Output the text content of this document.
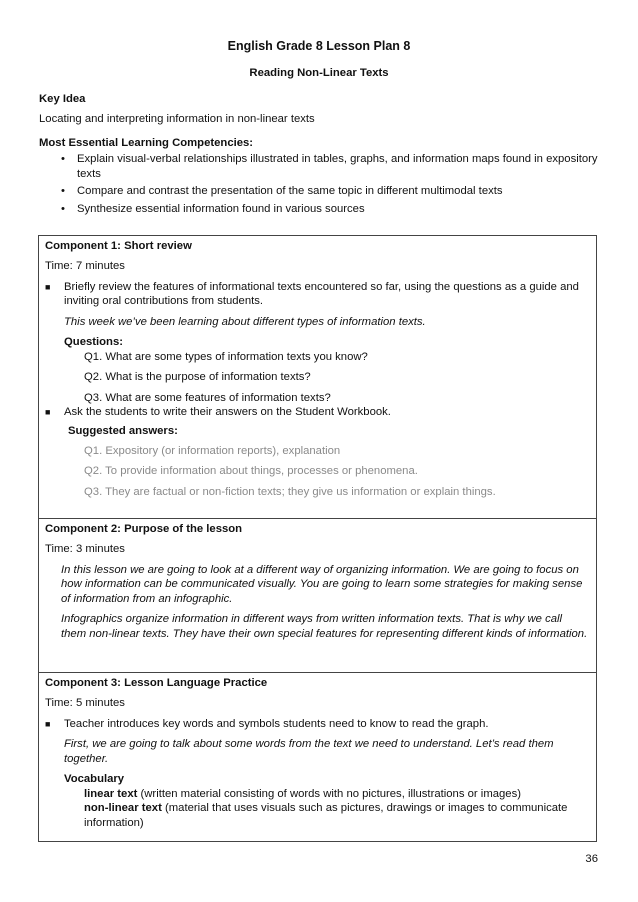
English Grade 8 Lesson Plan 8
Reading Non-Linear Texts
Key Idea
Locating and interpreting information in non-linear texts
Most Essential Learning Competencies:
• Explain visual-verbal relationships illustrated in tables, graphs, and information maps found in expository texts
• Compare and contrast the presentation of the same topic in different multimodal texts
• Synthesize essential information found in various sources
Component 1: Short review
Time: 7 minutes
■ Briefly review the features of informational texts encountered so far, using the questions as a guide and inviting oral contributions from students.
This week we’ve been learning about different types of information texts.
Questions:
Q1. What are some types of information texts you know?
Q2. What is the purpose of information texts?
Q3. What are some features of information texts?
■ Ask the students to write their answers on the Student Workbook.
Suggested answers:
Q1. Expository (or information reports), explanation
Q2. To provide information about things, processes or phenomena.
Q3. They are factual or non-fiction texts; they give us information or explain things.
Component 2: Purpose of the lesson
Time: 3 minutes
In this lesson we are going to look at a different way of organizing information. We are going to focus on how information can be communicated visually. You are going to learn some strategies for making sense of information from an infographic.
Infographics organize information in different ways from written information texts. That is why we call them non-linear texts. They have their own special features for representing different kinds of information.
Component 3: Lesson Language Practice
Time: 5 minutes
■ Teacher introduces key words and symbols students need to know to read the graph.
First, we are going to talk about some words from the text we need to understand. Let’s read them together.
Vocabulary
linear text (written material consisting of words with no pictures, illustrations or images)
non-linear text (material that uses visuals such as pictures, drawings or images to communicate information)
36
